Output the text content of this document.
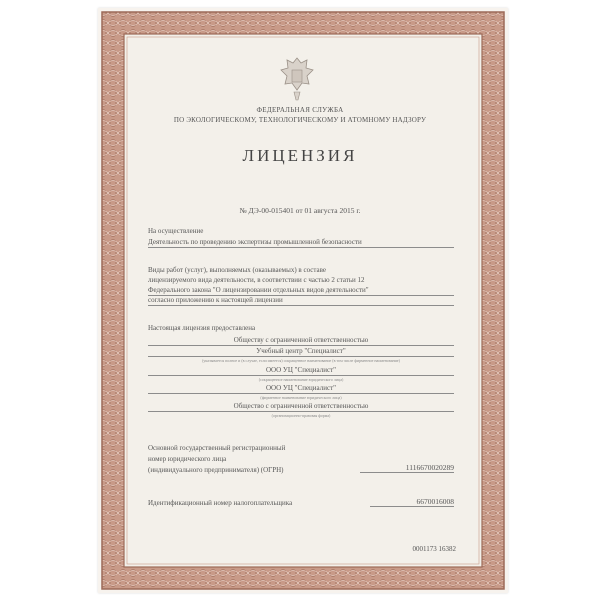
ФЕДЕРАЛЬНАЯ СЛУЖБА
ПО ЭКОЛОГИЧЕСКОМУ, ТЕХНОЛОГИЧЕСКОМУ И АТОМНОМУ НАДЗОРУ
ЛИЦЕНЗИЯ
№ ДЭ-00-015401 от 01 августа 2015 г.
На осуществление
Деятельность по проведению экспертизы промышленной безопасности
Виды работ (услуг), выполняемых (оказываемых) в составе
лицензируемого вида деятельности, в соответствии с частью 2 статьи 12
Федерального закона "О лицензировании отдельных видов деятельности"
согласно приложению к настоящей лицензии
Настоящая лицензия предоставлена
Обществу с ограниченной ответственностью
Учебный центр "Специалист"
(указывается полное и (в случае, если имеется) сокращенное наименование (в том числе фирменное наименование)
ООО УЦ "Специалист"
(сокращенное наименование юридического лица)
ООО УЦ "Специалист"
(фирменное наименование юридического лица)
Общество с ограниченной ответственностью
(организационно-правовая форма)
Основной государственный регистрационный
номер юридического лица
(индивидуального предпринимателя) (ОГРН)	1116670020289
Идентификационный номер налогоплательщика	6670016008
0001173 16382
